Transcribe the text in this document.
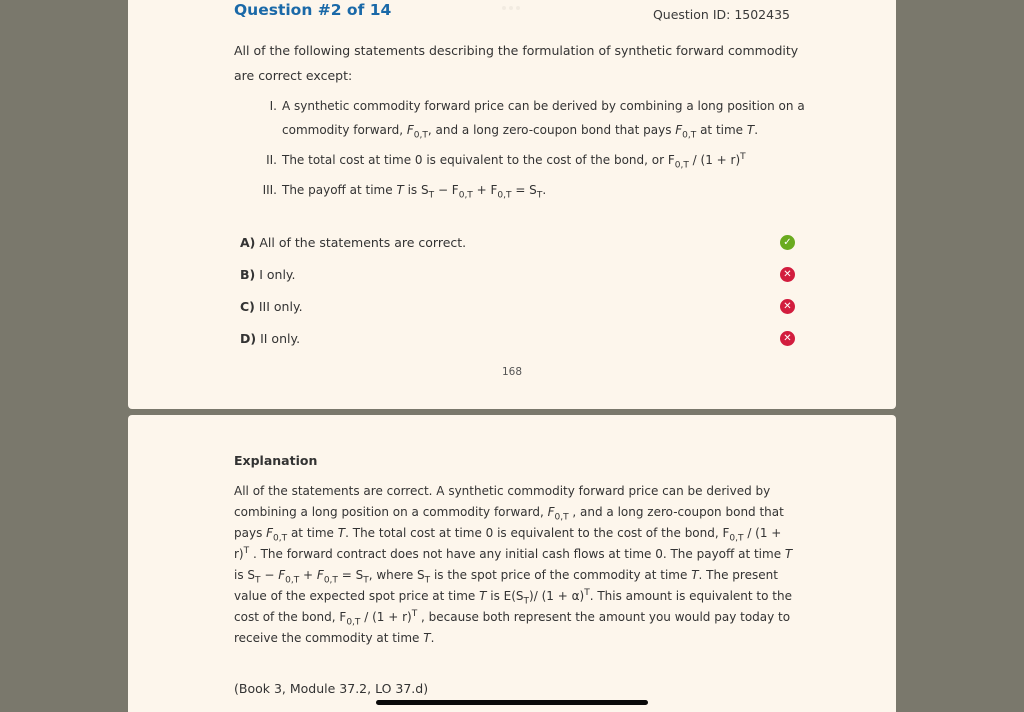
Question #2 of 14	Question ID: 1502435
All of the following statements describing the formulation of synthetic forward commodity are correct except:
I. A synthetic commodity forward price can be derived by combining a long position on a commodity forward, $F_{0,T}$, and a long zero-coupon bond that pays $F_{0,T}$ at time T.
II. The total cost at time 0 is equivalent to the cost of the bond, or $F_{0,T} / (1 + r)^T$
III. The payoff at time T is $S_T - F_{0,T} + F_{0,T} = S_T$.
A) All of the statements are correct.	✓
B) I only.	✕
C) III only.	✕
D) II only.	✕
168
Explanation
All of the statements are correct. A synthetic commodity forward price can be derived by combining a long position on a commodity forward, $F_{0,T}$ , and a long zero-coupon bond that pays $F_{0,T}$ at time T. The total cost at time 0 is equivalent to the cost of the bond, $F_{0,T} / (1 + r)^T$ . The forward contract does not have any initial cash flows at time 0. The payoff at time T is $S_T - F_{0,T} + F_{0,T} = S_T$, where $S_T$ is the spot price of the commodity at time T. The present value of the expected spot price at time T is $E(S_T)/$ $(1 + \alpha)^T$. This amount is equivalent to the cost of the bond, $F_{0,T} / (1 + r)^T$ , because both represent the amount you would pay today to receive the commodity at time T.
(Book 3, Module 37.2, LO 37.d)
